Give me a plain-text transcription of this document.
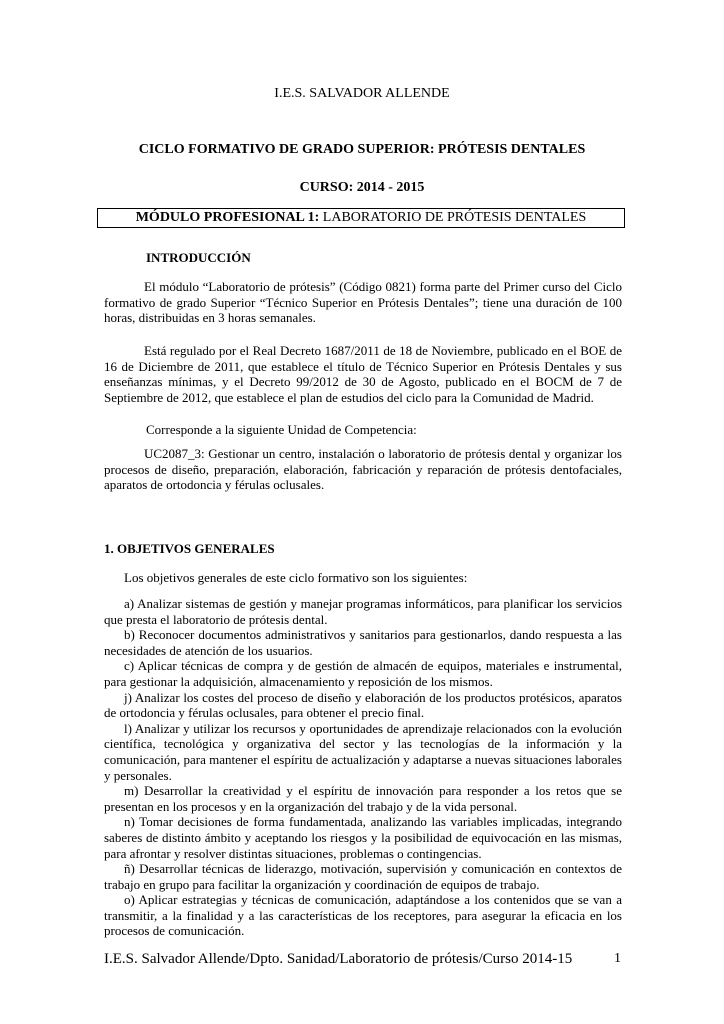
I.E.S. SALVADOR ALLENDE
CICLO FORMATIVO DE GRADO SUPERIOR: PRÓTESIS DENTALES
CURSO: 2014 - 2015
MÓDULO PROFESIONAL 1: LABORATORIO DE PRÓTESIS DENTALES
INTRODUCCIÓN

El módulo “Laboratorio de prótesis” (Código 0821) forma parte del Primer curso del Ciclo formativo de grado Superior “Técnico Superior en Prótesis Dentales”; tiene una duración de 100 horas, distribuidas en 3 horas semanales.

Está regulado por el Real Decreto 1687/2011 de 18 de Noviembre, publicado en el BOE de 16 de Diciembre de 2011, que establece el título de Técnico Superior en Prótesis Dentales y sus enseñanzas mínimas, y el Decreto 99/2012 de 30 de Agosto, publicado en el BOCM de 7 de Septiembre de 2012, que establece el plan de estudios del ciclo para la Comunidad de Madrid.

Corresponde a la siguiente Unidad de Competencia:

UC2087_3: Gestionar un centro, instalación o laboratorio de prótesis dental y organizar los procesos de diseño, preparación, elaboración, fabricación y reparación de prótesis dentofaciales, aparatos de ortodoncia y férulas oclusales.

1. OBJETIVOS GENERALES
Los objetivos generales de este ciclo formativo son los siguientes:

a) Analizar sistemas de gestión y manejar programas informáticos, para planificar los servicios que presta el laboratorio de prótesis dental.

b) Reconocer documentos administrativos y sanitarios para gestionarlos, dando respuesta a las necesidades de atención de los usuarios.

c) Aplicar técnicas de compra y de gestión de almacén de equipos, materiales e instrumental, para gestionar la adquisición, almacenamiento y reposición de los mismos.

j) Analizar los costes del proceso de diseño y elaboración de los productos protésicos, aparatos de ortodoncia y férulas oclusales, para obtener el precio final.

l) Analizar y utilizar los recursos y oportunidades de aprendizaje relacionados con la evolución científica, tecnológica y organizativa del sector y las tecnologías de la información y la comunicación, para mantener el espíritu de actualización y adaptarse a nuevas situaciones laborales y personales.

m) Desarrollar la creatividad y el espíritu de innovación para responder a los retos que se presentan en los procesos y en la organización del trabajo y de la vida personal.

n) Tomar decisiones de forma fundamentada, analizando las variables implicadas, integrando saberes de distinto ámbito y aceptando los riesgos y la posibilidad de equivocación en las mismas, para afrontar y resolver distintas situaciones, problemas o contingencias.

ñ) Desarrollar técnicas de liderazgo, motivación, supervisión y comunicación en contextos de trabajo en grupo para facilitar la organización y coordinación de equipos de trabajo.

o) Aplicar estrategias y técnicas de comunicación, adaptándose a los contenidos que se van a transmitir, a la finalidad y a las características de los receptores, para asegurar la eficacia en los procesos de comunicación.

I.E.S. Salvador Allende/Dpto. Sanidad/Laboratorio de prótesis/Curso 2014-15	1
